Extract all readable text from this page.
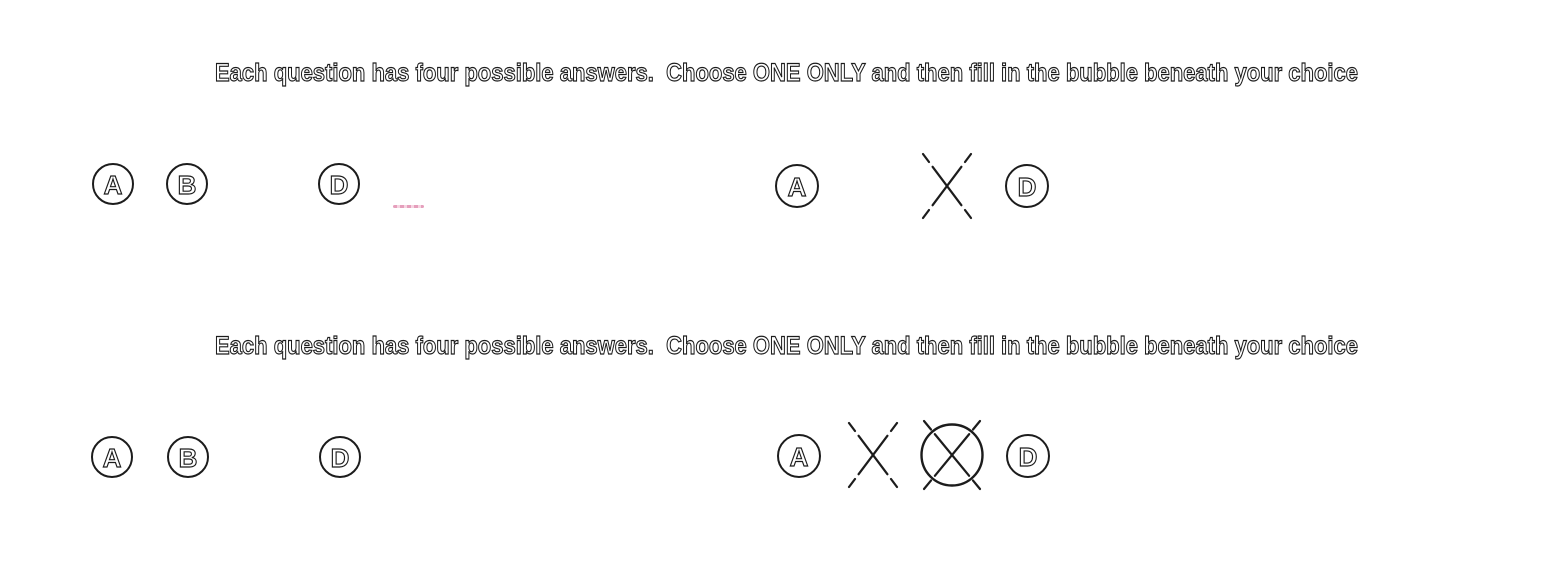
Each question has four possible answers.  Choose ONE ONLY and then fill in the bubble beneath your choice
A B	D	A	D
Each question has four possible answers.  Choose ONE ONLY and then fill in the bubble beneath your choice
A B	D	A	D
